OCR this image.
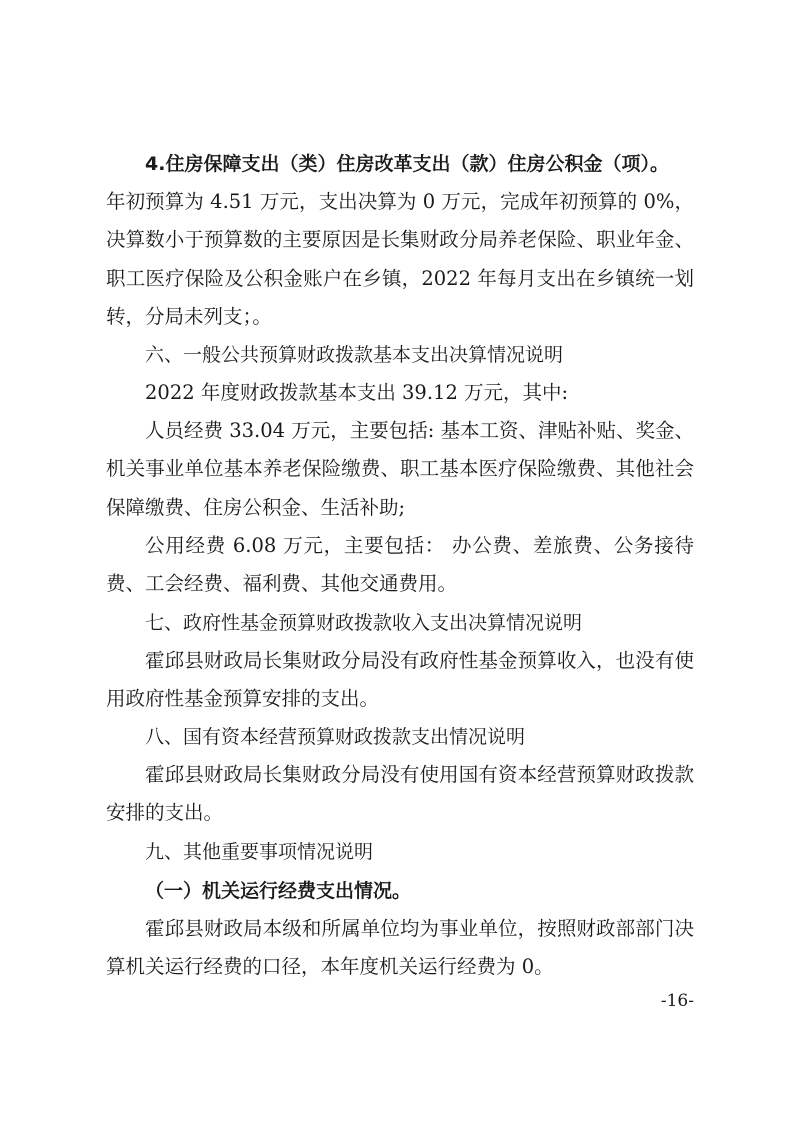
4.住房保障支出（类）住房改革支出（款）住房公积金（项）。

年初预算为 4.51 万元，支出决算为 0 万元，完成年初预算的 0%，决算数小于预算数的主要原因是长集财政分局养老保险、职业年金、职工医疗保险及公积金账户在乡镇，2022 年每月支出在乡镇统一划转，分局未列支；。

六、一般公共预算财政拨款基本支出决算情况说明

2022 年度财政拨款基本支出 39.12 万元，其中:

人员经费 33.04 万元，主要包括: 基本工资、津贴补贴、奖金、机关事业单位基本养老保险缴费、职工基本医疗保险缴费、其他社会保障缴费、住房公积金、生活补助;

公用经费 6.08 万元，主要包括： 办公费、差旅费、公务接待费、工会经费、福利费、其他交通费用。

七、政府性基金预算财政拨款收入支出决算情况说明

霍邱县财政局长集财政分局没有政府性基金预算收入，也没有使用政府性基金预算安排的支出。

八、国有资本经营预算财政拨款支出情况说明

霍邱县财政局长集财政分局没有使用国有资本经营预算财政拨款安排的支出。

九、其他重要事项情况说明

（一）机关运行经费支出情况。

霍邱县财政局本级和所属单位均为事业单位，按照财政部部门决算机关运行经费的口径，本年度机关运行经费为 0。

-16-
